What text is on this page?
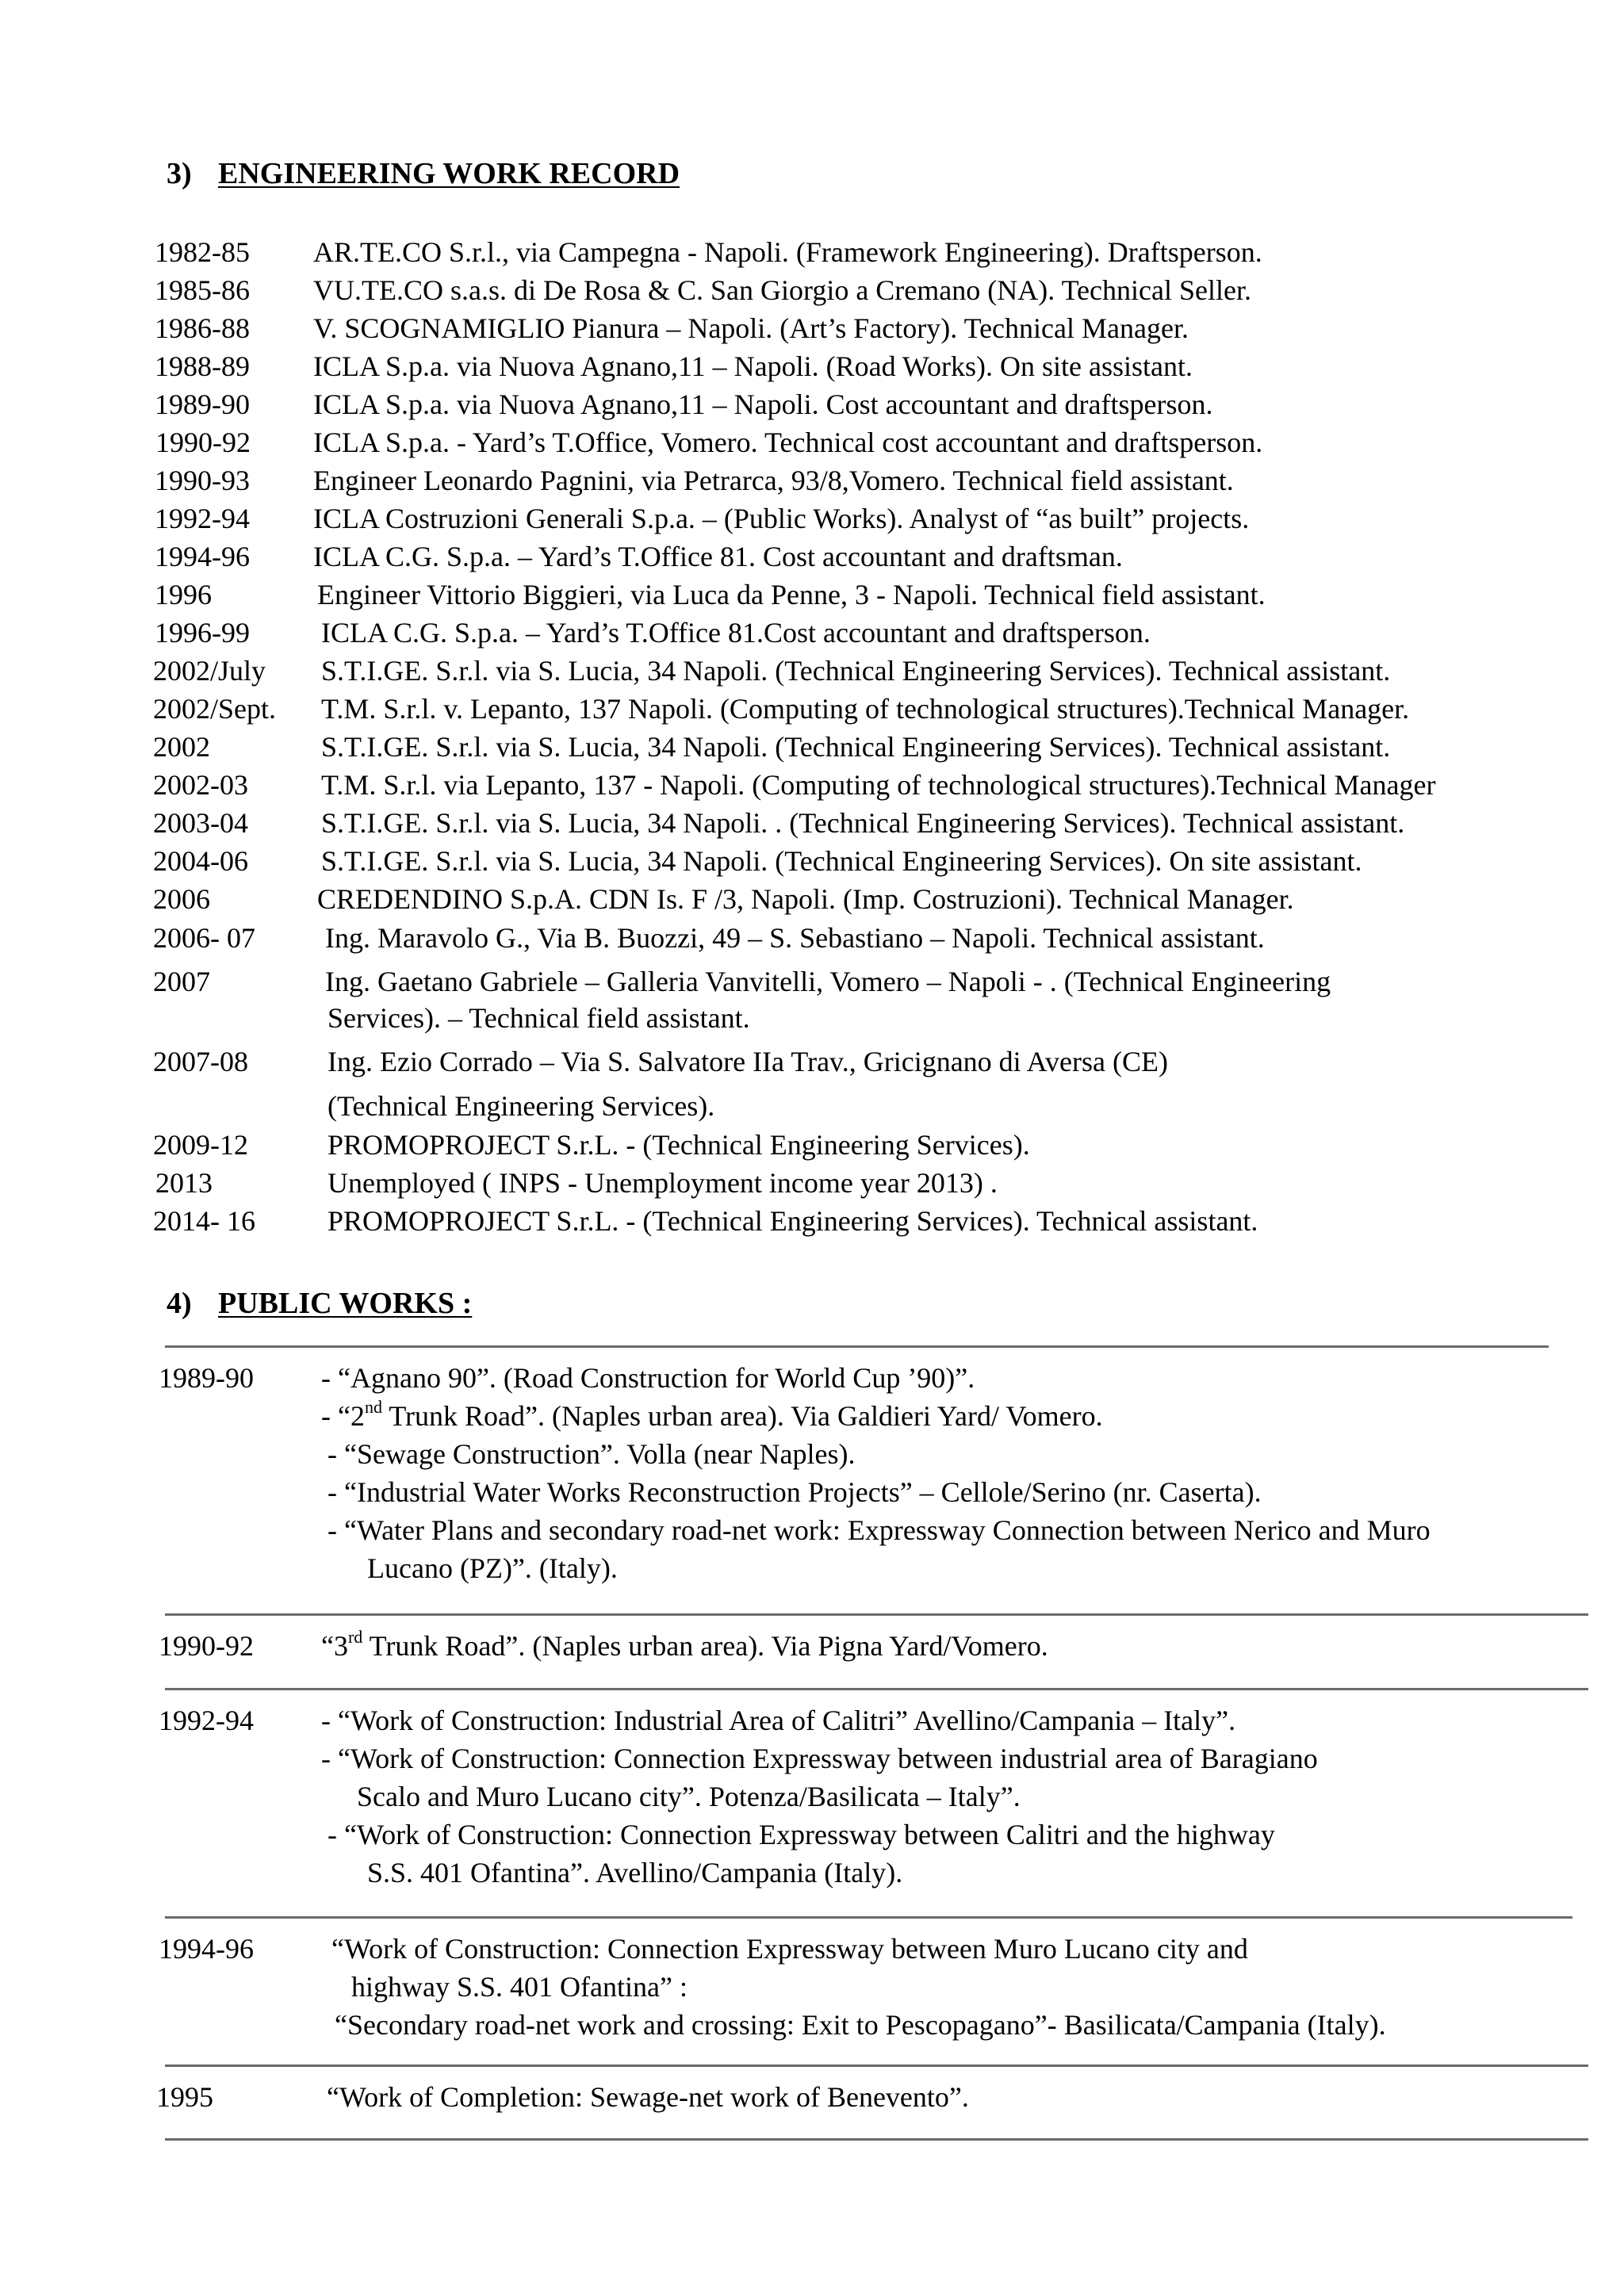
3) ENGINEERING WORK RECORD
1982-85 AR.TE.CO S.r.l., via Campegna - Napoli. (Framework Engineering). Draftsperson.
1985-86 VU.TE.CO s.a.s. di De Rosa & C. San Giorgio a Cremano (NA). Technical Seller.
1986-88 V. SCOGNAMIGLIO Pianura – Napoli. (Art’s Factory). Technical Manager.
1988-89 ICLA S.p.a. via Nuova Agnano,11 – Napoli. (Road Works). On site assistant.
1989-90 ICLA S.p.a. via Nuova Agnano,11 – Napoli. Cost accountant and draftsperson.
1990-92 ICLA S.p.a. - Yard’s T.Office, Vomero. Technical cost accountant and draftsperson.
1990-93 Engineer Leonardo Pagnini, via Petrarca, 93/8,Vomero. Technical field assistant.
1992-94 ICLA Costruzioni Generali S.p.a. – (Public Works). Analyst of “as built” projects.
1994-96 ICLA C.G. S.p.a. – Yard’s T.Office 81. Cost accountant and draftsman.
1996	Engineer Vittorio Biggieri, via Luca da Penne, 3 - Napoli. Technical field assistant.
1996-99	ICLA C.G. S.p.a. – Yard’s T.Office 81.Cost accountant and draftsperson.
2002/July S.T.I.GE. S.r.l. via S. Lucia, 34 Napoli. (Technical Engineering Services). Technical assistant.
2002/Sept. T.M. S.r.l. v. Lepanto, 137 Napoli. (Computing of technological structures).Technical Manager.
2002	S.T.I.GE. S.r.l. via S. Lucia, 34 Napoli. (Technical Engineering Services). Technical assistant.
2002-03	T.M. S.r.l. via Lepanto, 137 - Napoli. (Computing of technological structures).Technical Manager
2003-04	S.T.I.GE. S.r.l. via S. Lucia, 34 Napoli. . (Technical Engineering Services). Technical assistant.
2004-06	S.T.I.GE. S.r.l. via S. Lucia, 34 Napoli. (Technical Engineering Services). On site assistant.
2006	CREDENDINO S.p.A. CDN Is. F /3, Napoli. (Imp. Costruzioni). Technical Manager.
2006- 07 Ing. Maravolo G., Via B. Buozzi, 49 – S. Sebastiano – Napoli. Technical assistant.
2007	Ing. Gaetano Gabriele – Galleria Vanvitelli, Vomero – Napoli - . (Technical Engineering
Services). – Technical field assistant.
2007-08	Ing. Ezio Corrado – Via S. Salvatore IIa Trav., Gricignano di Aversa (CE)
(Technical Engineering Services).
2009-12	PROMOPROJECT S.r.L. - (Technical Engineering Services).
2013	Unemployed ( INPS - Unemployment income year 2013) .
2014- 16	PROMOPROJECT S.r.L. - (Technical Engineering Services). Technical assistant.
4) PUBLIC WORKS :
1989-90 - “Agnano 90”. (Road Construction for World Cup ’90)”.
- “2nd Trunk Road”. (Naples urban area). Via Galdieri Yard/ Vomero.
- “Sewage Construction”. Volla (near Naples).
- “Industrial Water Works Reconstruction Projects” – Cellole/Serino (nr. Caserta).
- “Water Plans and secondary road-net work: Expressway Connection between Nerico and Muro
Lucano (PZ)”. (Italy).
1990-92 “3rd Trunk Road”. (Naples urban area). Via Pigna Yard/Vomero.
1992-94 - “Work of Construction: Industrial Area of Calitri” Avellino/Campania – Italy”.
- “Work of Construction: Connection Expressway between industrial area of Baragiano
Scalo and Muro Lucano city”. Potenza/Basilicata – Italy”.
- “Work of Construction: Connection Expressway between Calitri and the highway
S.S. 401 Ofantina”. Avellino/Campania (Italy).
1994-96	“Work of Construction: Connection Expressway between Muro Lucano city and
highway S.S. 401 Ofantina” :
“Secondary road-net work and crossing: Exit to Pescopagano”- Basilicata/Campania (Italy).
1995	“Work of Completion: Sewage-net work of Benevento”.
